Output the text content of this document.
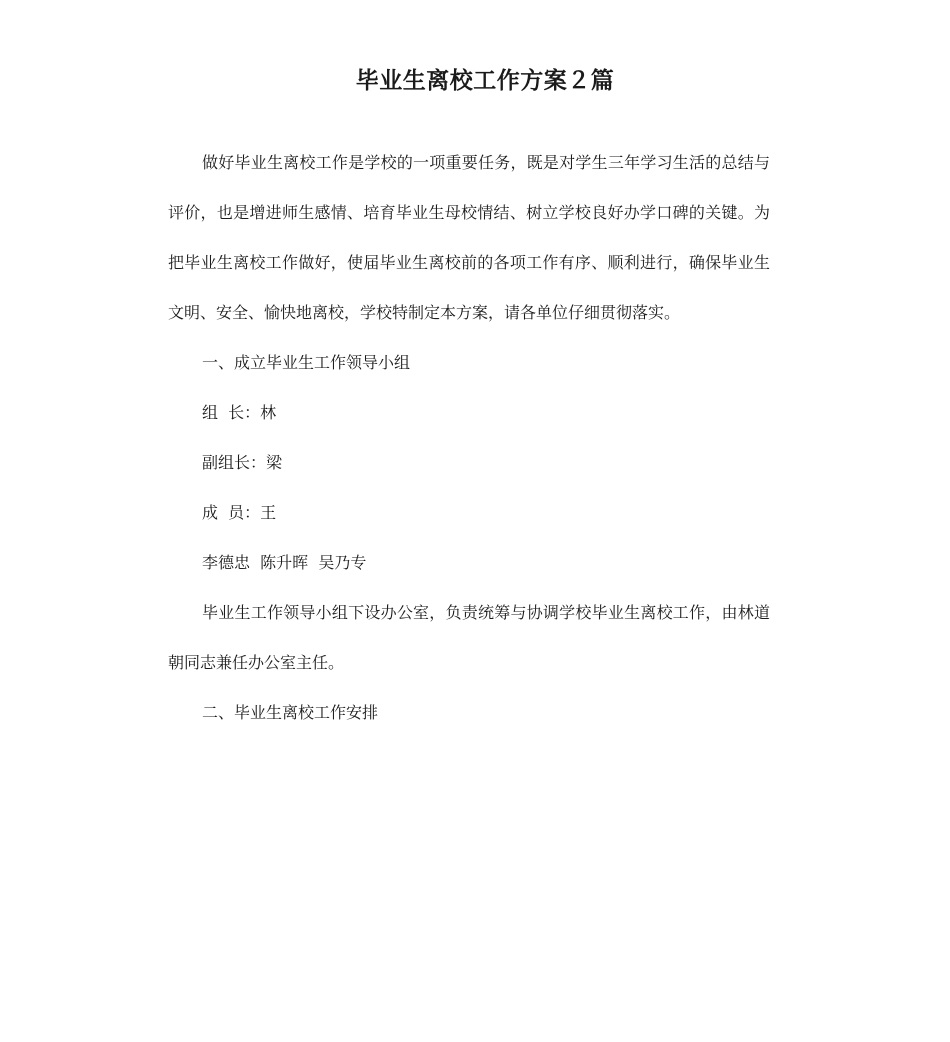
毕业生离校工作方案２篇

做好毕业生离校工作是学校的一项重要任务，既是对学生三年学习生活的总结与评价，也是增进师生感情、培育毕业生母校情结、树立学校良好办学口碑的关键。为把毕业生离校工作做好，使届毕业生离校前的各项工作有序、顺利进行，确保毕业生文明、安全、愉快地离校，学校特制定本方案，请各单位仔细贯彻落实。

一、成立毕业生工作领导小组

组  长：林

副组长：梁

成  员：王

李德忠  陈升晖  吴乃专

毕业生工作领导小组下设办公室，负责统筹与协调学校毕业生离校工作，由林道朝同志兼任办公室主任。

二、毕业生离校工作安排
